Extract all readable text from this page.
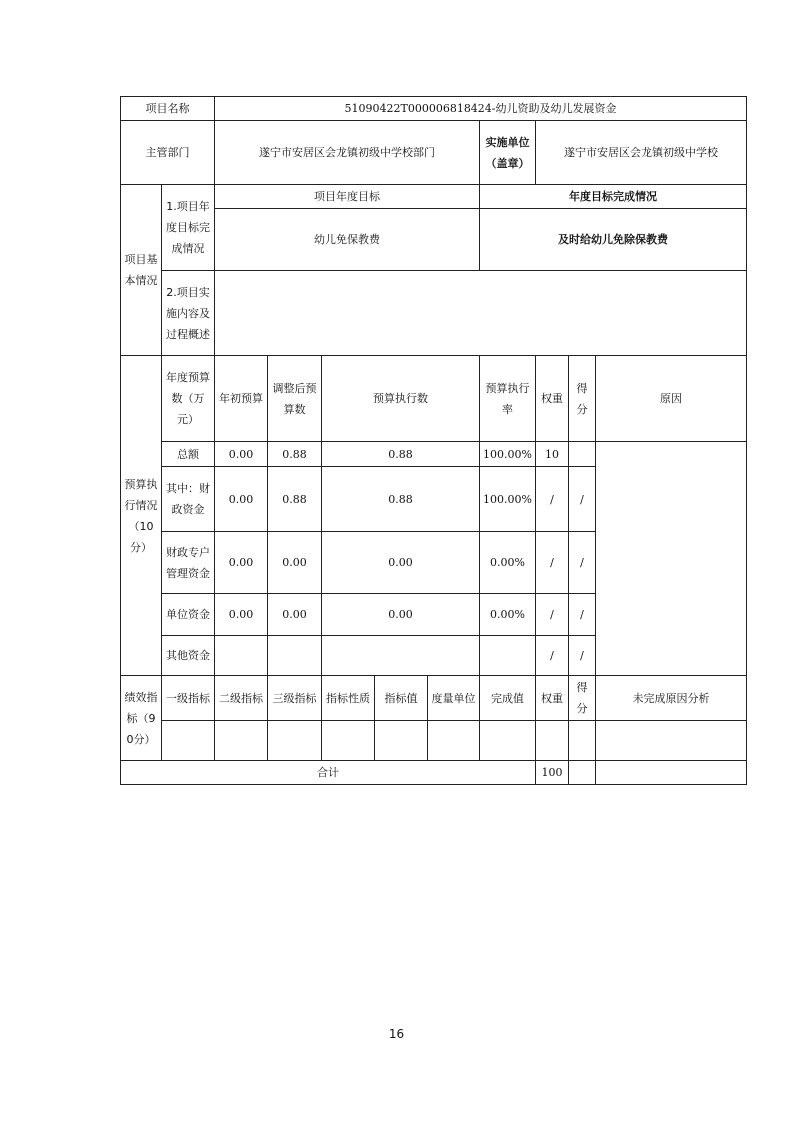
项目名称		51090422T000006818424-幼儿资助及幼儿发展资金								
主管部门		遂宁市安居区会龙镇初级中学校部门					实施单位（盖章）	遂宁市安居区会龙镇初级中学校		
项目基本情况	1.项目年度目标完成情况	项目年度目标					年度目标完成情况			
		幼儿免保教费					及时给幼儿免除保教费			
	2.项目实施内容及过程概述									

预算执行情况（10分）	年度预算数（万元）	年初预算	调整后预算数	预算执行数			预算执行率	权重	得分	原因
	总额	0.00	0.88	0.88			100.00%	10		
	其中：财政资金	0.00	0.88	0.88			100.00%	/	/	
	财政专户管理资金	0.00	0.00	0.00			0.00%	/	/	
	单位资金	0.00	0.00	0.00			0.00%	/	/	
	其他资金							/	/	
绩效指标（90分）	一级指标	二级指标	三级指标	指标性质	指标值	度量单位	完成值	权重	得分	未完成原因分析

合计								100		
16
